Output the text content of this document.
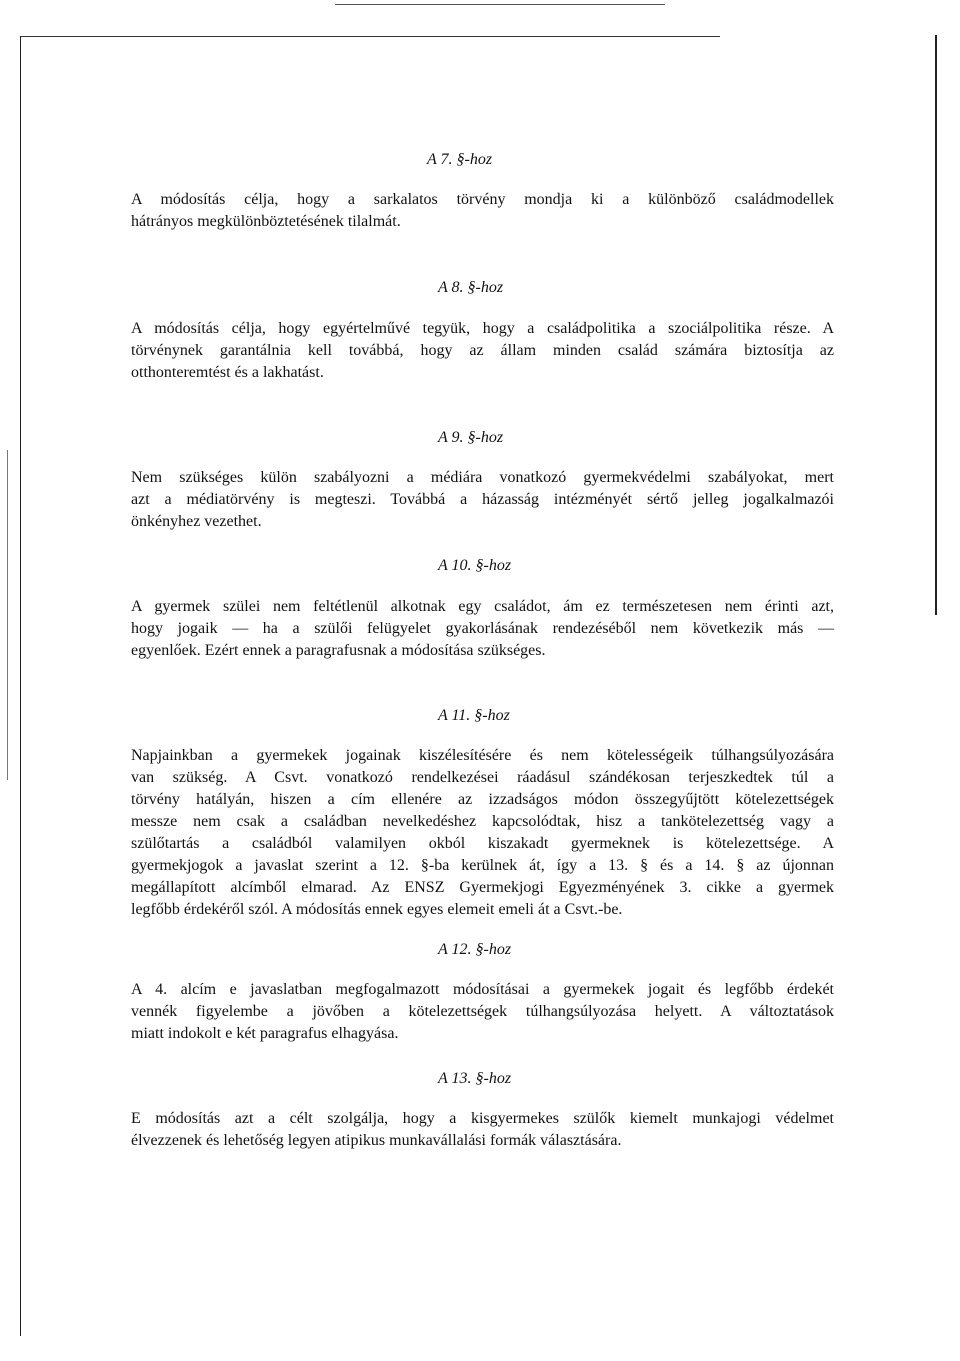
A 7. §-hoz
A módosítás célja, hogy a sarkalatos törvény mondja ki a különböző családmodellek
hátrányos megkülönböztetésének tilalmát.
A 8. §-hoz
A módosítás célja, hogy egyértelművé tegyük, hogy a családpolitika a szociálpolitika része. A
törvénynek garantálnia kell továbbá, hogy az állam minden család számára biztosítja az
otthonteremtést és a lakhatást.
A 9. §-hoz
Nem szükséges külön szabályozni a médiára vonatkozó gyermekvédelmi szabályokat, mert
azt a médiatörvény is megteszi. Továbbá a házasság intézményét sértő jelleg jogalkalmazói
önkényhez vezethet.
A 10. §-hoz
A gyermek szülei nem feltétlenül alkotnak egy családot, ám ez természetesen nem érinti azt,
hogy jogaik — ha a szülői felügyelet gyakorlásának rendezéséből nem következik más —
egyenlőek. Ezért ennek a paragrafusnak a módosítása szükséges.
A 11. §-hoz
Napjainkban a gyermekek jogainak kiszélesítésére és nem kötelességeik túlhangsúlyozására
van szükség. A Csvt. vonatkozó rendelkezései ráadásul szándékosan terjeszkedtek túl a
törvény hatályán, hiszen a cím ellenére az izzadságos módon összegyűjtött kötelezettségek
messze nem csak a családban nevelkedéshez kapcsolódtak, hisz a tankötelezettség vagy a
szülőtartás a családból valamilyen okból kiszakadt gyermeknek is kötelezettsége. A
gyermekjogok a javaslat szerint a 12. §-ba kerülnek át, így a 13. § és a 14. § az újonnan
megállapított alcímből elmarad. Az ENSZ Gyermekjogi Egyezményének 3. cikke a gyermek
legfőbb érdekéről szól. A módosítás ennek egyes elemeit emeli át a Csvt.-be.
A 12. §-hoz
A 4. alcím e javaslatban megfogalmazott módosításai a gyermekek jogait és legfőbb érdekét
vennék figyelembe a jövőben a kötelezettségek túlhangsúlyozása helyett. A változtatások
miatt indokolt e két paragrafus elhagyása.
A 13. §-hoz
E módosítás azt a célt szolgálja, hogy a kisgyermekes szülők kiemelt munkajogi védelmet
élvezzenek és lehetőség legyen atipikus munkavállalási formák választására.
